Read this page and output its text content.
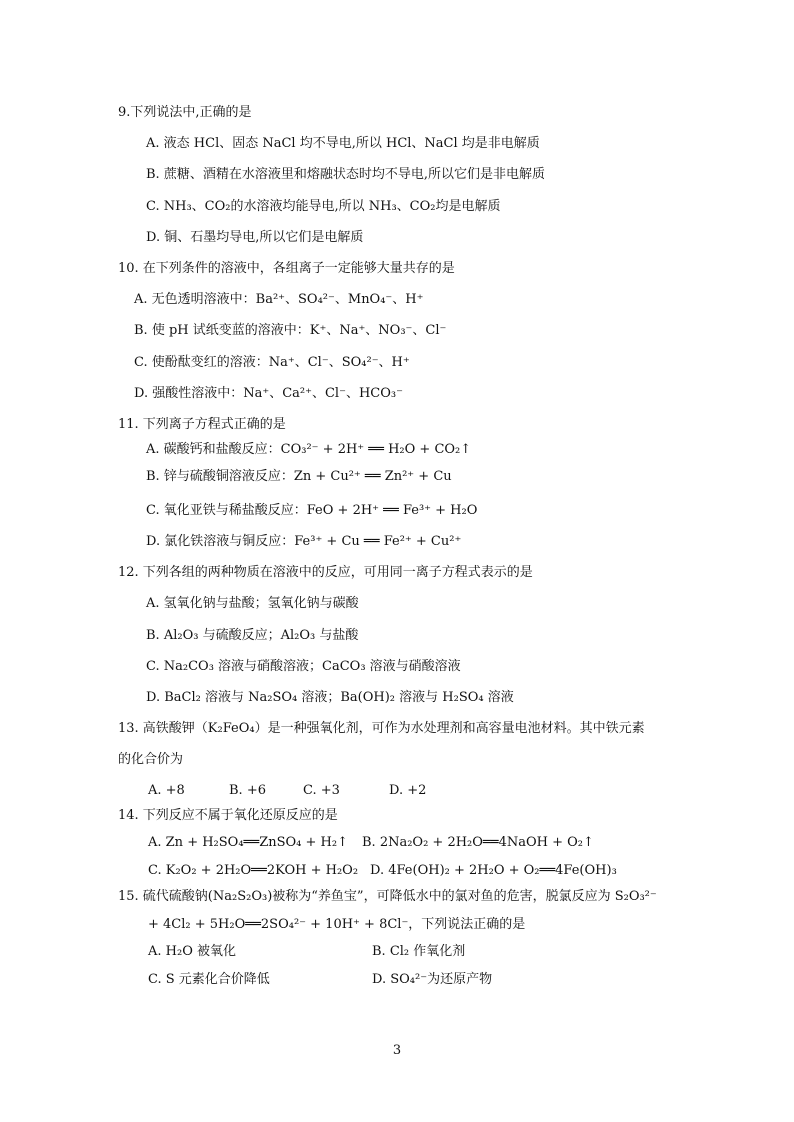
9.下列说法中,正确的是
A. 液态 HCl、固态 NaCl 均不导电,所以 HCl、NaCl 均是非电解质
B. 蔗糖、酒精在水溶液里和熔融状态时均不导电,所以它们是非电解质
C. NH₃、CO₂的水溶液均能导电,所以 NH₃、CO₂均是电解质
D. 铜、石墨均导电,所以它们是电解质
10. 在下列条件的溶液中，各组离子一定能够大量共存的是
A. 无色透明溶液中：Ba²⁺、SO₄²⁻、MnO₄⁻、H⁺
B. 使 pH 试纸变蓝的溶液中：K⁺、Na⁺、NO₃⁻、Cl⁻
C. 使酚酞变红的溶液：Na⁺、Cl⁻、SO₄²⁻、H⁺
D. 强酸性溶液中：Na⁺、Ca²⁺、Cl⁻、HCO₃⁻
11. 下列离子方程式正确的是
A. 碳酸钙和盐酸反应：CO₃²⁻ + 2H⁺ ══ H₂O + CO₂↑
B. 锌与硫酸铜溶液反应：Zn + Cu²⁺ ══ Zn²⁺ + Cu
C. 氧化亚铁与稀盐酸反应：FeO + 2H⁺ ══ Fe³⁺ + H₂O
D. 氯化铁溶液与铜反应：Fe³⁺ + Cu ══ Fe²⁺ + Cu²⁺
12. 下列各组的两种物质在溶液中的反应，可用同一离子方程式表示的是
A. 氢氧化钠与盐酸；氢氧化钠与碳酸
B. Al₂O₃ 与硫酸反应；Al₂O₃ 与盐酸
C. Na₂CO₃ 溶液与硝酸溶液；CaCO₃ 溶液与硝酸溶液
D. BaCl₂ 溶液与 Na₂SO₄ 溶液；Ba(OH)₂ 溶液与 H₂SO₄ 溶液
13. 高铁酸钾（K₂FeO₄）是一种强氧化剂，可作为水处理剂和高容量电池材料。其中铁元素
的化合价为
A. +8	B. +6	C. +3	D. +2
14. 下列反应不属于氧化还原反应的是
A. Zn + H₂SO₄══ZnSO₄ + H₂↑ B. 2Na₂O₂ + 2H₂O══4NaOH + O₂↑
C. K₂O₂ + 2H₂O══2KOH + H₂O₂ D. 4Fe(OH)₂ + 2H₂O + O₂══4Fe(OH)₃
15. 硫代硫酸钠(Na₂S₂O₃)被称为“养鱼宝”，可降低水中的氯对鱼的危害，脱氯反应为 S₂O₃²⁻
+ 4Cl₂ + 5H₂O══2SO₄²⁻ + 10H⁺ + 8Cl⁻，下列说法正确的是
A. H₂O 被氧化	B. Cl₂ 作氧化剂
C. S 元素化合价降低	D. SO₄²⁻为还原产物
3
